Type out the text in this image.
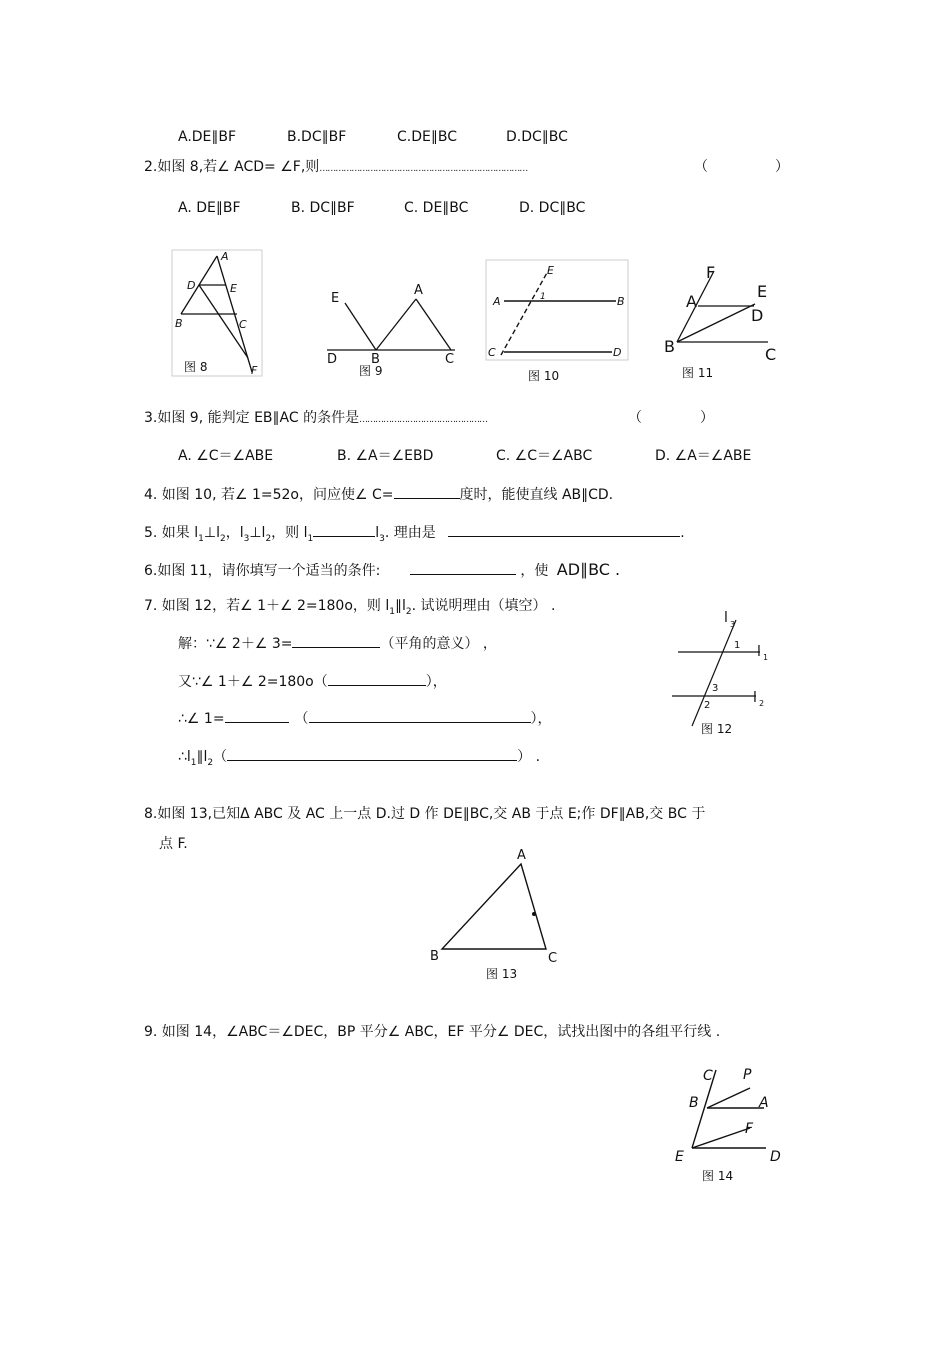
A.DE∥BF	B.DC∥BF	C.DE∥BC	D.DC∥BC
2.如图 8,若∠ ACD= ∠F,则……………………………………………………………………	（	）
A. DE∥BF	B. DC∥BF	C. DE∥BC	D. DC∥BC
A
D	E
B	C
F
图 8
E
A
D	B	C
图 9
E
A	1	B
C	D
图 10
F
A
E
D
B	C
图 11
3.如图 9, 能判定 EB∥AC 的条件是…………………………………………	（	）
A. ∠C＝∠ABE	B. ∠A＝∠EBD	C. ∠C＝∠ABC	D. ∠A＝∠ABE
4. 如图 10, 若∠ 1=52o，问应使∠ C=	度时，能使直线 AB∥CD.
5. 如果 $l_1\perp l_2$，$l_3\perp l_2$，则 $l_1$	$l_3$. 理由是	.
6.如图 11，请你填写一个适当的条件:	，使 AD∥BC .
7. 如图 12，若∠ 1＋∠ 2=180o，则 $l_1\parallel l_2$. 试说明理由（填空） .
解：∵∠ 2＋∠ 3=	（平角的意义） ，
又∵∠ 1＋∠ 2=180o（	），
∴∠ 1=	（	），
$\therefore l_1\parallel l_2$（	） .
l 3
1 l 1
3
2	l 2
图 12
8.如图 13,已知Δ ABC 及 AC 上一点 D.过 D 作 DE∥BC,交 AB 于点 E;作 DF∥AB,交 BC 于
点 F.
A
B	C
图 13
9. 如图 14，∠ABC＝∠DEC，BP 平分∠ ABC，EF 平分∠ DEC，试找出图中的各组平行线 .
C P
B	A
F
E	D
图 14
